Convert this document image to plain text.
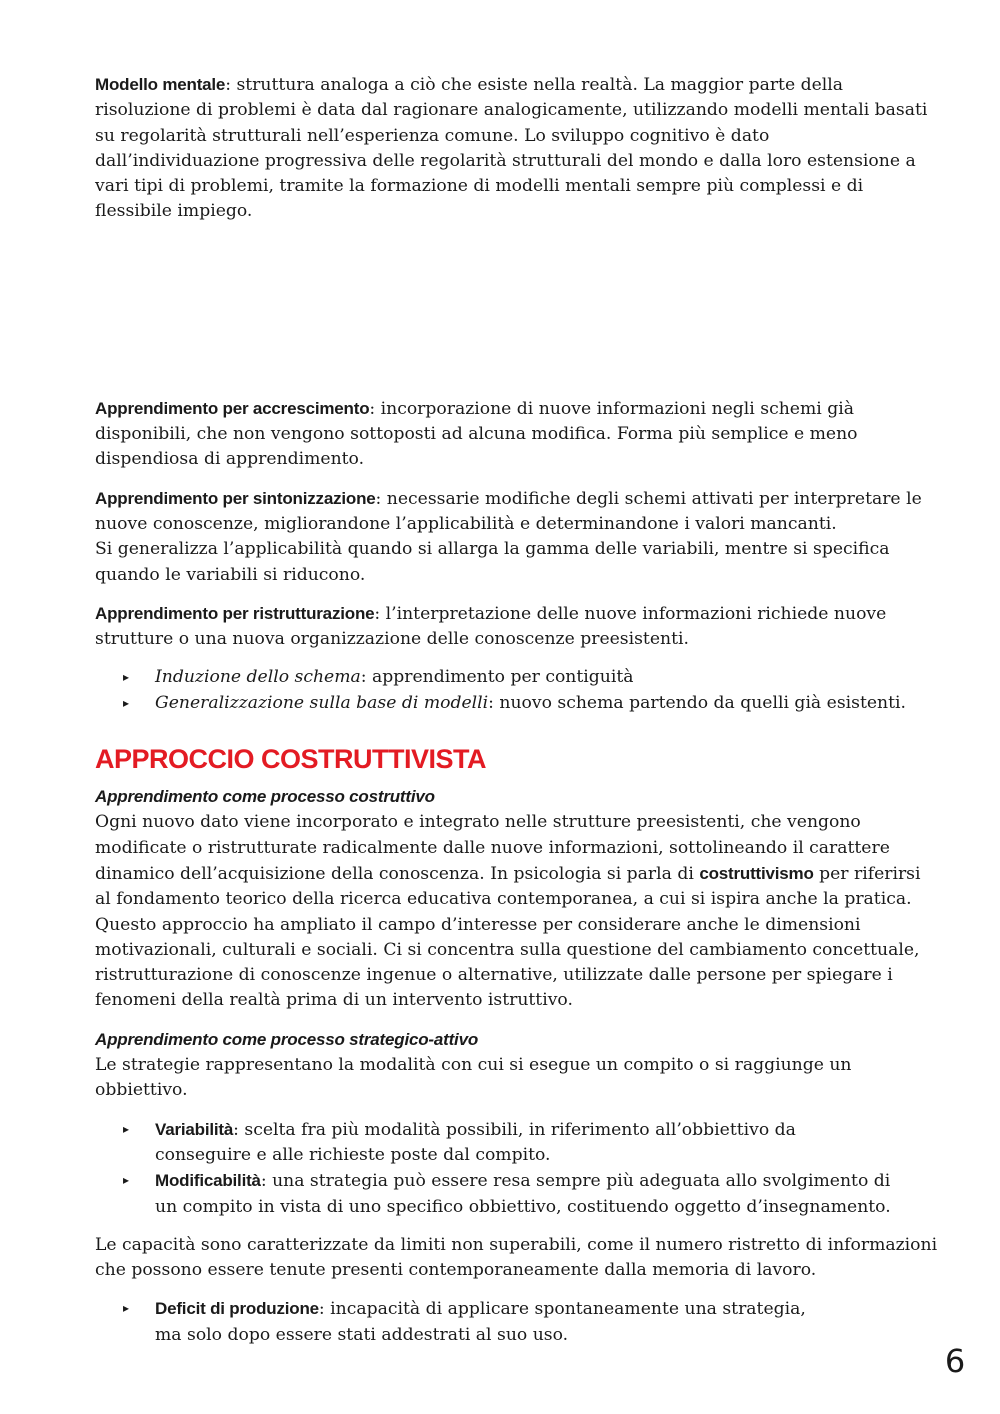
Modello mentale: struttura analoga a ciò che esiste nella realtà. La maggior parte della risoluzione di problemi è data dal ragionare analogicamente, utilizzando modelli mentali basati su regolarità strutturali nell’esperienza comune. Lo sviluppo cognitivo è dato dall’individuazione progressiva delle regolarità strutturali del mondo e dalla loro estensione a vari tipi di problemi, tramite la formazione di modelli mentali sempre più complessi e di flessibile impiego.

Apprendimento per accrescimento: incorporazione di nuove informazioni negli schemi già disponibili, che non vengono sottoposti ad alcuna modifica. Forma più semplice e meno dispendiosa di apprendimento.

Apprendimento per sintonizzazione: necessarie modifiche degli schemi attivati per interpretare le nuove conoscenze, migliorandone l’applicabilità e determinandone i valori mancanti.
Si generalizza l’applicabilità quando si allarga la gamma delle variabili, mentre si specifica quando le variabili si riducono.

Apprendimento per ristrutturazione: l’interpretazione delle nuove informazioni richiede nuove strutture o una nuova organizzazione delle conoscenze preesistenti.

▸ Induzione dello schema: apprendimento per contiguità
▸ Generalizzazione sulla base di modelli: nuovo schema partendo da quelli già esistenti.
APPROCCIO COSTRUTTIVISTA

Apprendimento come processo costruttivo

Ogni nuovo dato viene incorporato e integrato nelle strutture preesistenti, che vengono modificate o ristrutturate radicalmente dalle nuove informazioni, sottolineando il carattere dinamico dell’acquisizione della conoscenza. In psicologia si parla di costruttivismo per riferirsi al fondamento teorico della ricerca educativa contemporanea, a cui si ispira anche la pratica. Questo approccio ha ampliato il campo d’interesse per considerare anche le dimensioni motivazionali, culturali e sociali. Ci si concentra sulla questione del cambiamento concettuale, ristrutturazione di conoscenze ingenue o alternative, utilizzate dalle persone per spiegare i fenomeni della realtà prima di un intervento istruttivo.

Apprendimento come processo strategico-attivo

Le strategie rappresentano la modalità con cui si esegue un compito o si raggiunge un obbiettivo.

▸ Variabilità: scelta fra più modalità possibili, in riferimento all’obbiettivo da conseguire e alle richieste poste dal compito.
▸ Modificabilità: una strategia può essere resa sempre più adeguata allo svolgimento di un compito in vista di uno specifico obbiettivo, costituendo oggetto d’insegnamento.

Le capacità sono caratterizzate da limiti non superabili, come il numero ristretto di informazioni che possono essere tenute presenti contemporaneamente dalla memoria di lavoro.

▸ Deficit di produzione: incapacità di applicare spontaneamente una strategia, ma solo dopo essere stati addestrati al suo uso.
6
